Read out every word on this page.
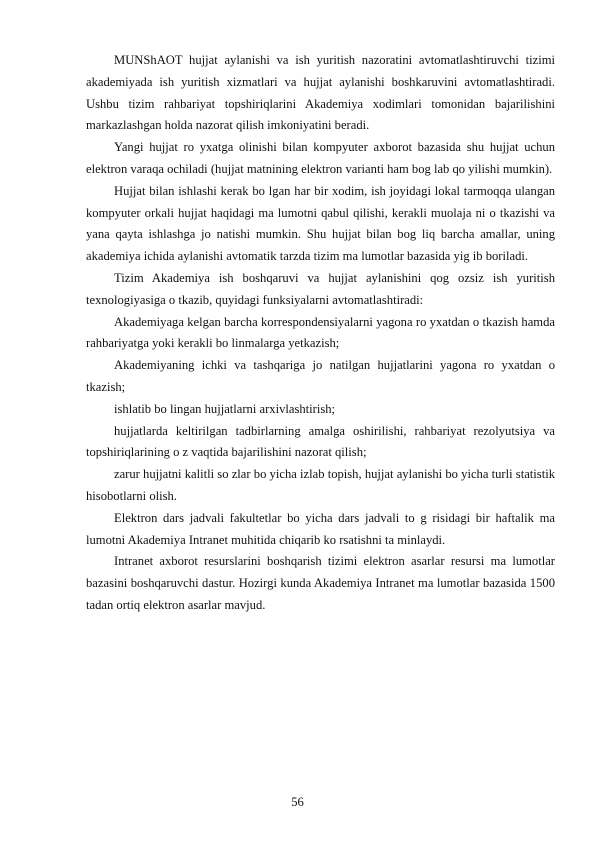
MUNShAOT hujjat aylanishi va ish yuritish nazoratini avtomatlashtiruvchi tizimi akademiyada ish yuritish xizmatlari va hujjat aylanishi boshkaruvini avtomatlashtiradi. Ushbu tizim rahbariyat topshiriqlarini Akademiya xodimlari tomonidan bajarilishini markazlashgan holda nazorat qilish imkoniyatini beradi.

Yangi hujjat ro yxatga olinishi bilan kompyuter axborot bazasida shu hujjat uchun elektron varaqa ochiladi (hujjat matnining elektron varianti ham bog lab qo yilishi mumkin).

Hujjat bilan ishlashi kerak bo lgan har bir xodim, ish joyidagi lokal tarmoqqa ulangan kompyuter orkali hujjat haqidagi ma lumotni qabul qilishi, kerakli muolaja ni o tkazishi va yana qayta ishlashga jo natishi mumkin. Shu hujjat bilan bog liq barcha amallar, uning akademiya ichida aylanishi avtomatik tarzda tizim ma lumotlar bazasida yig ib boriladi.

Tizim Akademiya ish boshqaruvi va hujjat aylanishini qog ozsiz ish yuritish texnologiyasiga o tkazib, quyidagi funksiyalarni avtomatlashtiradi:

Akademiyaga kelgan barcha korrespondensiyalarni yagona ro yxatdan o tkazish hamda rahbariyatga yoki kerakli bo linmalarga yetkazish;

Akademiyaning ichki va tashqariga jo natilgan hujjatlarini yagona ro yxatdan o tkazish;

ishlatib bo lingan hujjatlarni arxivlashtirish;

hujjatlarda keltirilgan tadbirlarning amalga oshirilishi, rahbariyat rezolyutsiya va topshiriqlarining o z vaqtida bajarilishini nazorat qilish;

zarur hujjatni kalitli so zlar bo yicha izlab topish, hujjat aylanishi bo yicha turli statistik hisobotlarni olish.

Elektron dars jadvali fakultetlar bo yicha dars jadvali to g risidagi bir haftalik ma lumotni Akademiya Intranet muhitida chiqarib ko rsatishni ta minlaydi.

Intranet axborot resurslarini boshqarish tizimi elektron asarlar resursi ma lumotlar bazasini boshqaruvchi dastur. Hozirgi kunda Akademiya Intranet ma lumotlar bazasida 1500 tadan ortiq elektron asarlar mavjud.

56
